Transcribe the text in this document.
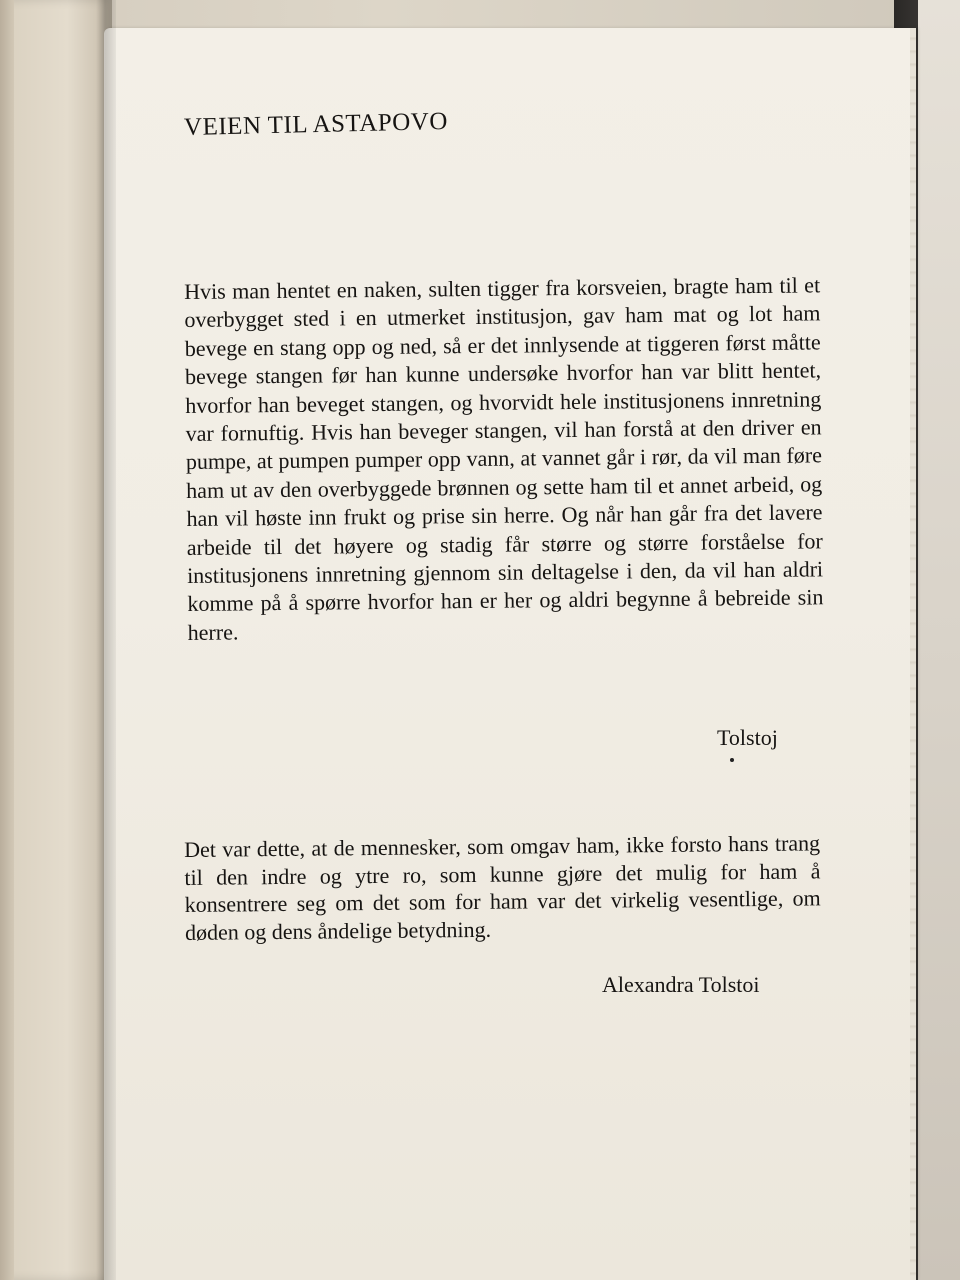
VEIEN TIL ASTAPOVO

Hvis man hentet en naken, sulten tigger fra korsveien, bragte ham til et overbygget sted i en utmerket institusjon, gav ham mat og lot ham bevege en stang opp og ned, så er det innlysende at tiggeren først måtte bevege stangen før han kunne undersøke hvorfor han var blitt hentet, hvorfor han beveget stangen, og hvorvidt hele institusjonens innretning var fornuftig. Hvis han beveger stangen, vil han forstå at den driver en pumpe, at pumpen pumper opp vann, at vannet går i rør, da vil man føre ham ut av den overbyggede brønnen og sette ham til et annet arbeid, og han vil høste inn frukt og prise sin herre. Og når han går fra det lavere arbeide til det høyere og stadig får større og større forståelse for institusjonens innretning gjennom sin deltagelse i den, da vil han aldri komme på å spørre hvorfor han er her og aldri begynne å bebreide sin herre.

Tolstoj

Det var dette, at de mennesker, som omgav ham, ikke forsto hans trang til den indre og ytre ro, som kunne gjøre det mulig for ham å konsentrere seg om det som for ham var det virkelig vesentlige, om døden og dens åndelige betydning.

Alexandra Tolstoi
